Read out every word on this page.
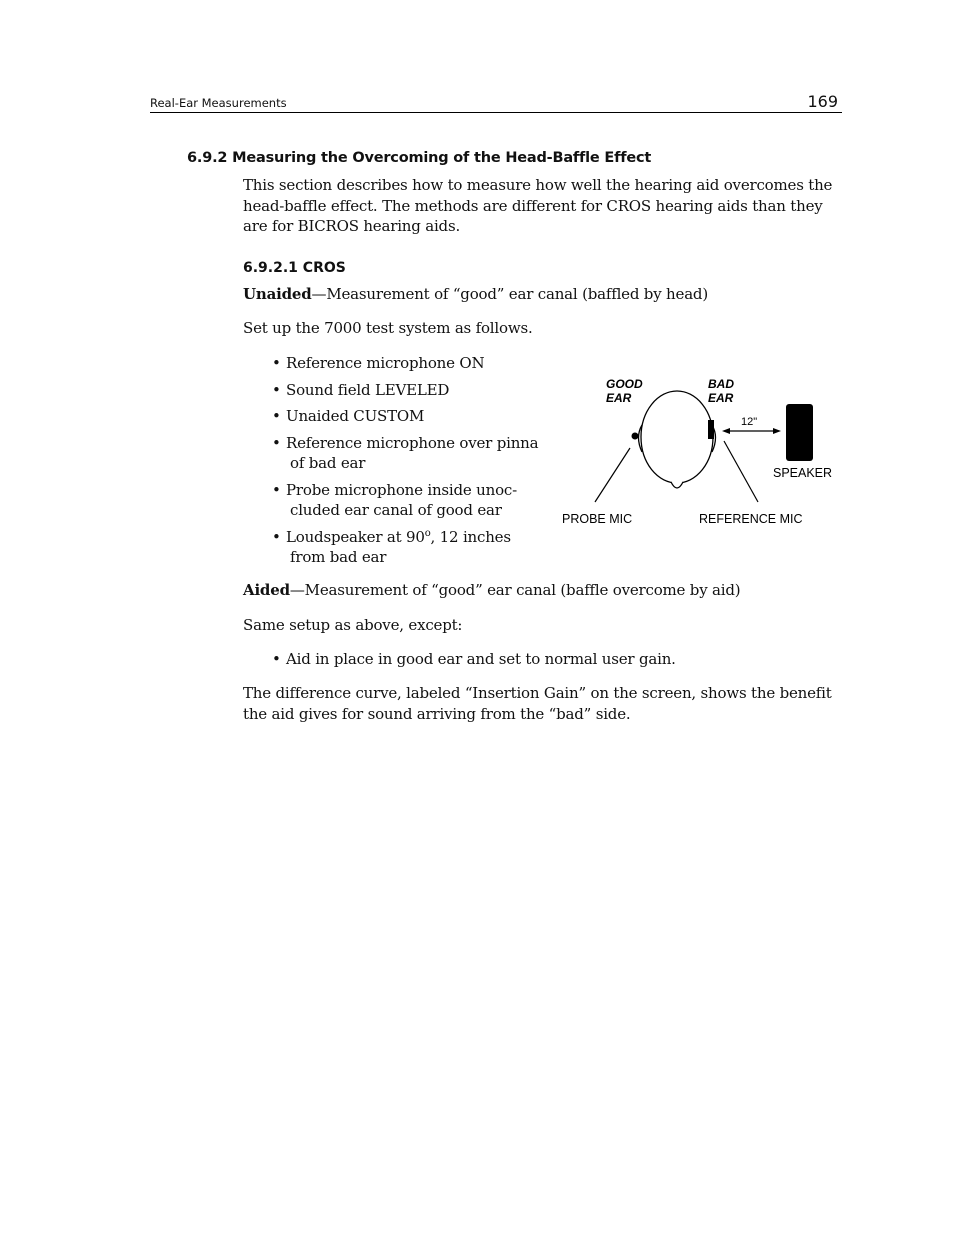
Real-Ear Measurements	169
6.9.2 Measuring the Overcoming of the Head-Baffle Effect
This section describes how to measure how well the hearing aid overcomes the
head-baffle effect. The methods are different for CROS hearing aids than they
are for BICROS hearing aids.
6.9.2.1 CROS
Unaided—Measurement of “good” ear canal (baffled by head)
Set up the 7000 test system as follows.
• Reference microphone ON
• Sound field LEVELED
• Unaided CUSTOM
• Reference microphone over pinna
of bad ear
• Probe microphone inside unoc-
cluded ear canal of good ear
• Loudspeaker at 90$^o$, 12 inches
from bad ear
GOOD
EAR
BAD
EAR
12"
SPEAKER
PROBE MIC	REFERENCE MIC
Aided—Measurement of “good” ear canal (baffle overcome by aid)
Same setup as above, except:
• Aid in place in good ear and set to normal user gain.
The difference curve, labeled “Insertion Gain” on the screen, shows the benefit
the aid gives for sound arriving from the “bad” side.
